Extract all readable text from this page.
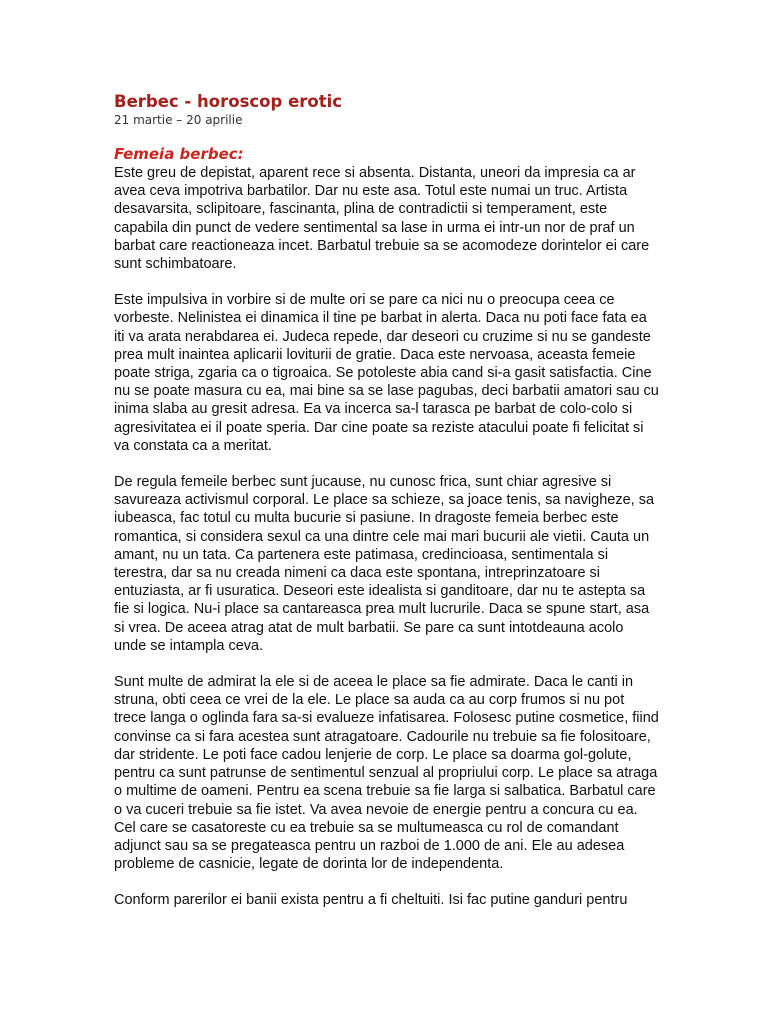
Berbec - horoscop erotic
21 martie – 20 aprilie
Femeia berbec:

Este greu de depistat, aparent rece si absenta. Distanta, uneori da impresia ca ar avea ceva impotriva barbatilor. Dar nu este asa. Totul este numai un truc. Artista desavarsita, sclipitoare, fascinanta, plina de contradictii si temperament, este capabila din punct de vedere sentimental sa lase in urma ei intr-un nor de praf un barbat care reactioneaza incet. Barbatul trebuie sa se acomodeze dorintelor ei care sunt schimbatoare.

Este impulsiva in vorbire si de multe ori se pare ca nici nu o preocupa ceea ce vorbeste. Nelinistea ei dinamica il tine pe barbat in alerta. Daca nu poti face fata ea iti va arata nerabdarea ei. Judeca repede, dar deseori cu cruzime si nu se gandeste prea mult inaintea aplicarii loviturii de gratie. Daca este nervoasa, aceasta femeie poate striga, zgaria ca o tigroaica. Se potoleste abia cand si-a gasit satisfactia. Cine nu se poate masura cu ea, mai bine sa se lase pagubas, deci barbatii amatori sau cu inima slaba au gresit adresa. Ea va incerca sa-l tarasca pe barbat de colo-colo si agresivitatea ei il poate speria. Dar cine poate sa reziste atacului poate fi felicitat si va constata ca a meritat.

De regula femeile berbec sunt jucause, nu cunosc frica, sunt chiar agresive si savureaza activismul corporal. Le place sa schieze, sa joace tenis, sa navigheze, sa iubeasca, fac totul cu multa bucurie si pasiune. In dragoste femeia berbec este romantica, si considera sexul ca una dintre cele mai mari bucurii ale vietii. Cauta un amant, nu un tata. Ca partenera este patimasa, credincioasa, sentimentala si terestra, dar sa nu creada nimeni ca daca este spontana, intreprinzatoare si entuziasta, ar fi usuratica. Deseori este idealista si ganditoare, dar nu te astepta sa fie si logica. Nu-i place sa cantareasca prea mult lucrurile. Daca se spune start, asa si vrea. De aceea atrag atat de mult barbatii. Se pare ca sunt intotdeauna acolo unde se intampla ceva.

Sunt multe de admirat la ele si de aceea le place sa fie admirate. Daca le canti in struna, obti ceea ce vrei de la ele. Le place sa auda ca au corp frumos si nu pot trece langa o oglinda fara sa-si evalueze infatisarea. Folosesc putine cosmetice, fiind convinse ca si fara acestea sunt atragatoare. Cadourile nu trebuie sa fie folositoare, dar stridente. Le poti face cadou lenjerie de corp. Le place sa doarma gol-golute, pentru ca sunt patrunse de sentimentul senzual al propriului corp. Le place sa atraga o multime de oameni. Pentru ea scena trebuie sa fie larga si salbatica. Barbatul care o va cuceri trebuie sa fie istet. Va avea nevoie de energie pentru a concura cu ea. Cel care se casatoreste cu ea trebuie sa se multumeasca cu rol de comandant adjunct sau sa se pregateasca pentru un razboi de 1.000 de ani. Ele au adesea probleme de casnicie, legate de dorinta lor de independenta.

Conform parerilor ei banii exista pentru a fi cheltuiti. Isi fac putine ganduri pentru
